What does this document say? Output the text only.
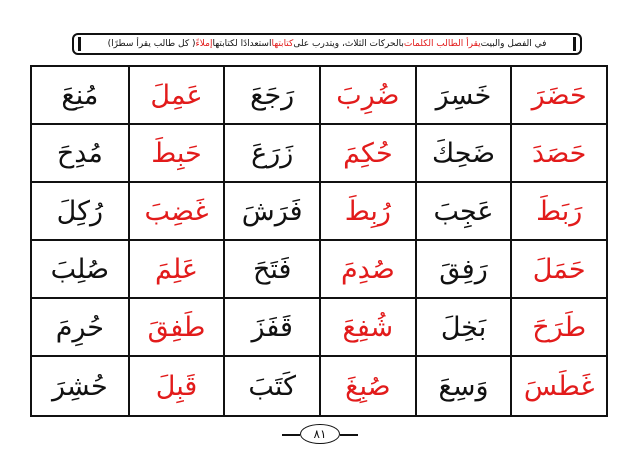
في الفصل والبيت
يقرأ الطالب الكلمات
بالحركات الثلاث، ويتدرب على
كتابتها
استعدادًا لكتابتها
إملاءً
( كل طالب يقرأ سطرًا)
حَضَرَ
خَسِرَ
ضُرِبَ
رَجَعَ
عَمِلَ
مُنِعَ
حَصَدَ
ضَحِكَ
حُكِمَ
زَرَعَ
حَبِطَ
مُدِحَ
رَبَطَ
عَجِبَ
رُبِطَ
فَرَشَ
غَضِبَ
رُكِلَ
حَمَلَ
رَفِقَ
صُدِمَ
فَتَحَ
عَلِمَ
صُلِبَ
طَرَحَ
بَخِلَ
شُفِعَ
قَفَزَ
طَفِقَ
حُرِمَ
غَطَسَ
وَسِعَ
صُبِغَ
كَتَبَ
قَبِلَ
حُشِرَ
٨١
